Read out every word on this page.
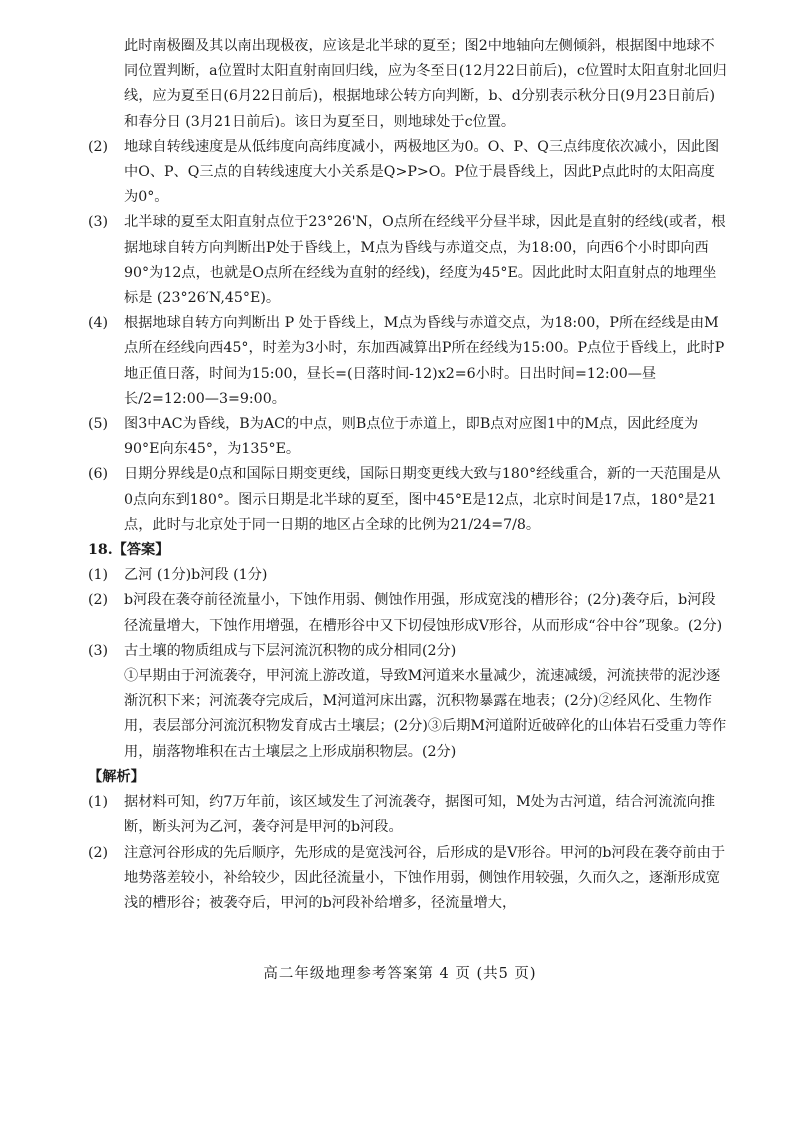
此时南极圈及其以南出现极夜，应该是北半球的夏至；图2中地轴向左侧倾斜，根据图中地球不同位置判断，a位置时太阳直射南回归线，应为冬至日(12月22日前后)，c位置时太阳直射北回归线，应为夏至日(6月22日前后)，根据地球公转方向判断，b、d分别表示秋分日(9月23日前后)和春分日 (3月21日前后)。该日为夏至日，则地球处于c位置。

(2) 地球自转线速度是从低纬度向高纬度减小，两极地区为0。O、P、Q三点纬度依次减小，因此图中O、P、Q三点的自转线速度大小关系是Q>P>O。P位于晨昏线上，因此P点此时的太阳高度为0°。
(3) 北半球的夏至太阳直射点位于23°26'N，O点所在经线平分昼半球，因此是直射的经线(或者，根据地球自转方向判断出P处于昏线上，M点为昏线与赤道交点，为18:00，向西6个小时即向西90°为12点，也就是O点所在经线为直射的经线)，经度为45°E。因此此时太阳直射点的地理坐标是 (23°26′N,45°E)。
(4) 根据地球自转方向判断出 P 处于昏线上，M点为昏线与赤道交点，为18:00，P所在经线是由M点所在经线向西45°，时差为3小时，东加西减算出P所在经线为15:00。P点位于昏线上，此时P地正值日落，时间为15:00，昼长=(日落时间-12)x2=6小时。日出时间=12:00—昼长/2=12:00—3=9:00。
(5) 图3中AC为昏线，B为AC的中点，则B点位于赤道上，即B点对应图1中的M点，因此经度为90°E向东45°，为135°E。
(6) 日期分界线是0点和国际日期变更线，国际日期变更线大致与180°经线重合，新的一天范围是从0点向东到180°。图示日期是北半球的夏至，图中45°E是12点，北京时间是17点，180°是21点，此时与北京处于同一日期的地区占全球的比例为21/24=7/8。

18.【答案】

(1) 乙河 (1分)b河段 (1分)
(2) b河段在袭夺前径流量小，下蚀作用弱、侧蚀作用强，形成宽浅的槽形谷；(2分)袭夺后，b河段径流量增大，下蚀作用增强，在槽形谷中又下切侵蚀形成V形谷，从而形成“谷中谷”现象。(2分)
(3) 古土壤的物质组成与下层河流沉积物的成分相同(2分)

①早期由于河流袭夺，甲河流上游改道，导致M河道来水量减少，流速减缓，河流挟带的泥沙逐渐沉积下来；河流袭夺完成后，M河道河床出露，沉积物暴露在地表；(2分)②经风化、生物作用，表层部分河流沉积物发育成古土壤层；(2分)③后期M河道附近破碎化的山体岩石受重力等作用，崩落物堆积在古土壤层之上形成崩积物层。(2分)

【解析】

(1) 据材料可知，约7万年前，该区域发生了河流袭夺，据图可知，M处为古河道，结合河流流向推断，断头河为乙河，袭夺河是甲河的b河段。
(2) 注意河谷形成的先后顺序，先形成的是宽浅河谷，后形成的是V形谷。甲河的b河段在袭夺前由于地势落差较小，补给较少，因此径流量小，下蚀作用弱，侧蚀作用较强，久而久之，逐渐形成宽浅的槽形谷；被袭夺后，甲河的b河段补给增多，径流量增大，
高二年级地理参考答案第 4 页 (共5 页)
